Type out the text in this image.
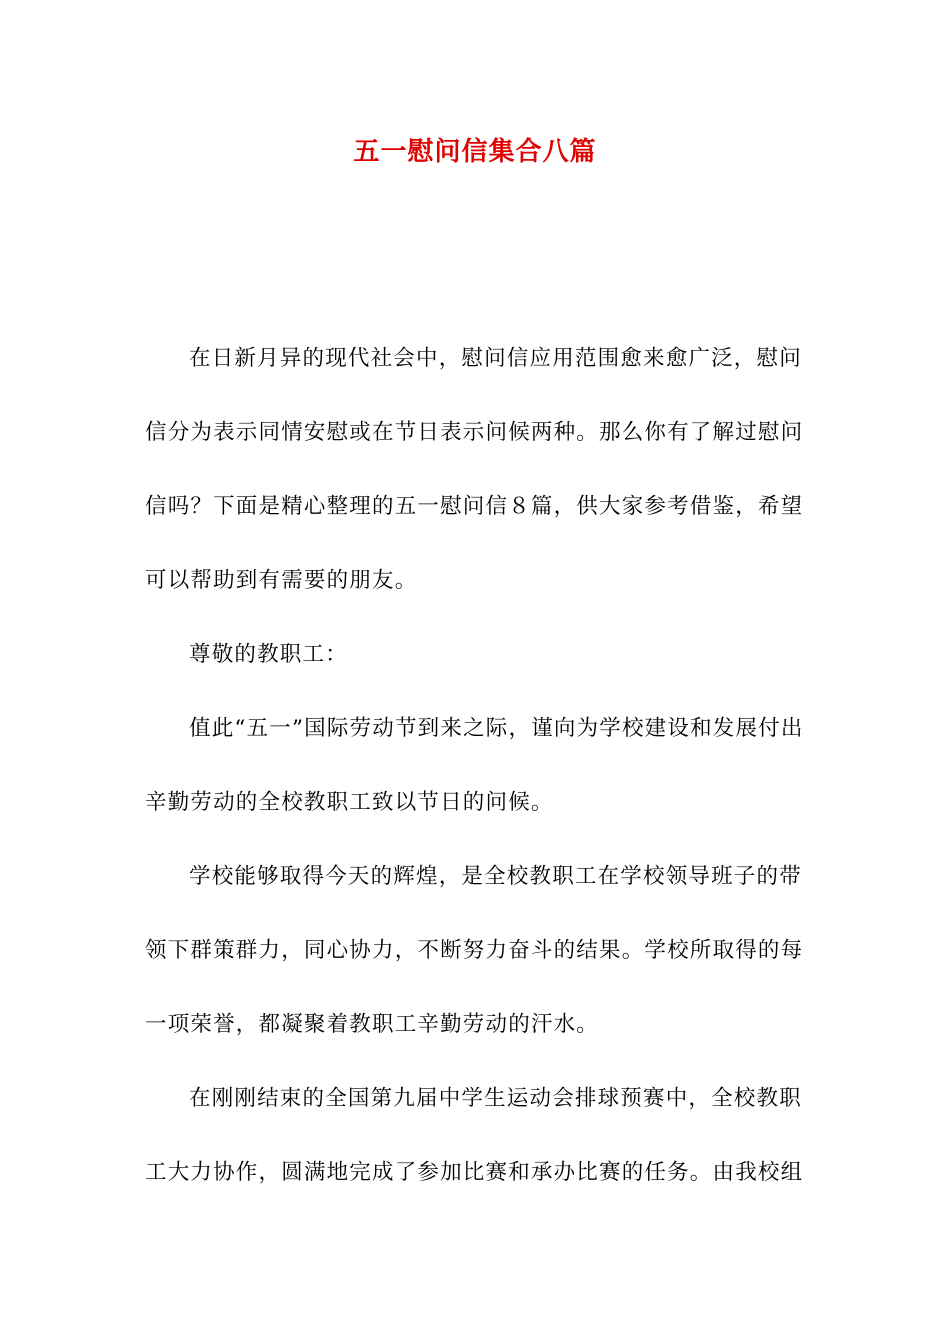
五一慰问信集合八篇

在日新月异的现代社会中，慰问信应用范围愈来愈广泛，慰问信分为表示同情安慰或在节日表示问候两种。那么你有了解过慰问信吗？下面是精心整理的五一慰问信８篇，供大家参考借鉴，希望可以帮助到有需要的朋友。

尊敬的教职工：

值此“五一”国际劳动节到来之际，谨向为学校建设和发展付出辛勤劳动的全校教职工致以节日的问候。

学校能够取得今天的辉煌，是全校教职工在学校领导班子的带领下群策群力，同心协力，不断努力奋斗的结果。学校所取得的每一项荣誉，都凝聚着教职工辛勤劳动的汗水。

在刚刚结束的全国第九届中学生运动会排球预赛中，全校教职工大力协作，圆满地完成了参加比赛和承办比赛的任务。由我校组
